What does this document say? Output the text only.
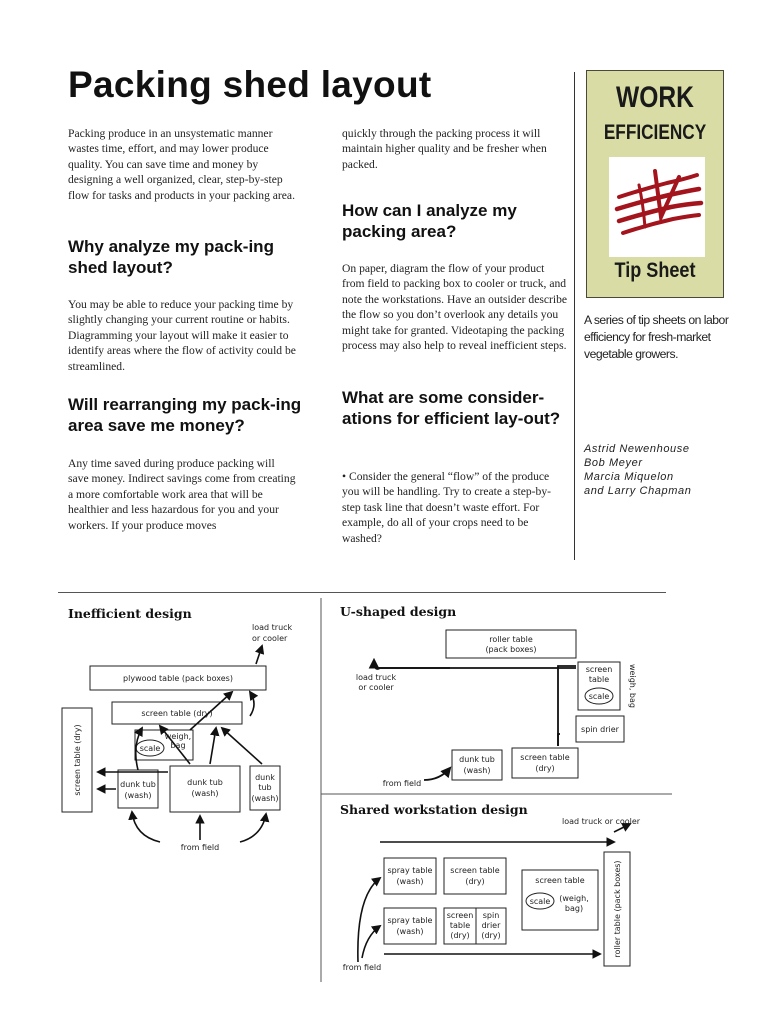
Packing shed layout

Packing produce in an unsystematic manner wastes time, effort, and may lower produce quality. You can save time and money by designing a well organized, clear, step-by-step flow for tasks and products in your packing area.

Why analyze my pack-ing shed layout?

You may be able to reduce your packing time by slightly changing your current routine or habits. Diagramming your layout will make it easier to identify areas where the flow of activity could be streamlined.

Will rearranging my pack-ing area save me money?

Any time saved during produce packing will save money. Indirect savings come from creating a more comfortable work area that will be healthier and less hazardous for you and your workers. If your produce moves

quickly through the packing process it will maintain higher quality and be fresher when packed.

How can I analyze my packing area?

On paper, diagram the flow of your product from field to packing box to cooler or truck, and note the workstations. Have an outsider describe the flow so you don’t overlook any details you might take for granted. Videotaping the packing process may also help to reveal inefficient steps.

What are some consider-ations for efficient lay-out?

• Consider the general “flow” of the produce you will be handling. Try to create a step-by-step task line that doesn’t waste effort. For example, do all of your crops need to be washed?

WORK
EFFICIENCY
Tip Sheet
A series of tip sheets on labor efficiency for fresh-market vegetable growers.
Astrid Newenhouse
Bob Meyer
Marcia Miquelon
and Larry Chapman
Inefficient design
load truck
or cooler
plywood table (pack boxes)
screen table (dry)
scale
weigh,
bag
screen table (dry)	dunk tub
(wash)
dunk tub
(wash)
dunk
tub
(wash)
from field
U-shaped design
roller table
(pack boxes)
load truck
or cooler
screen
table
scale weigh, bag
spin drier
dunk tub
(wash)
screen table
(dry)
from field
Shared workstation design
load truck or cooler
spray table
(wash)
screen table
(dry)	screen table
scale (weigh,
bag)
spray table
(wash)
screen
table
(dry)
spin
drier
(dry)	roller table (pack boxes)
from field
